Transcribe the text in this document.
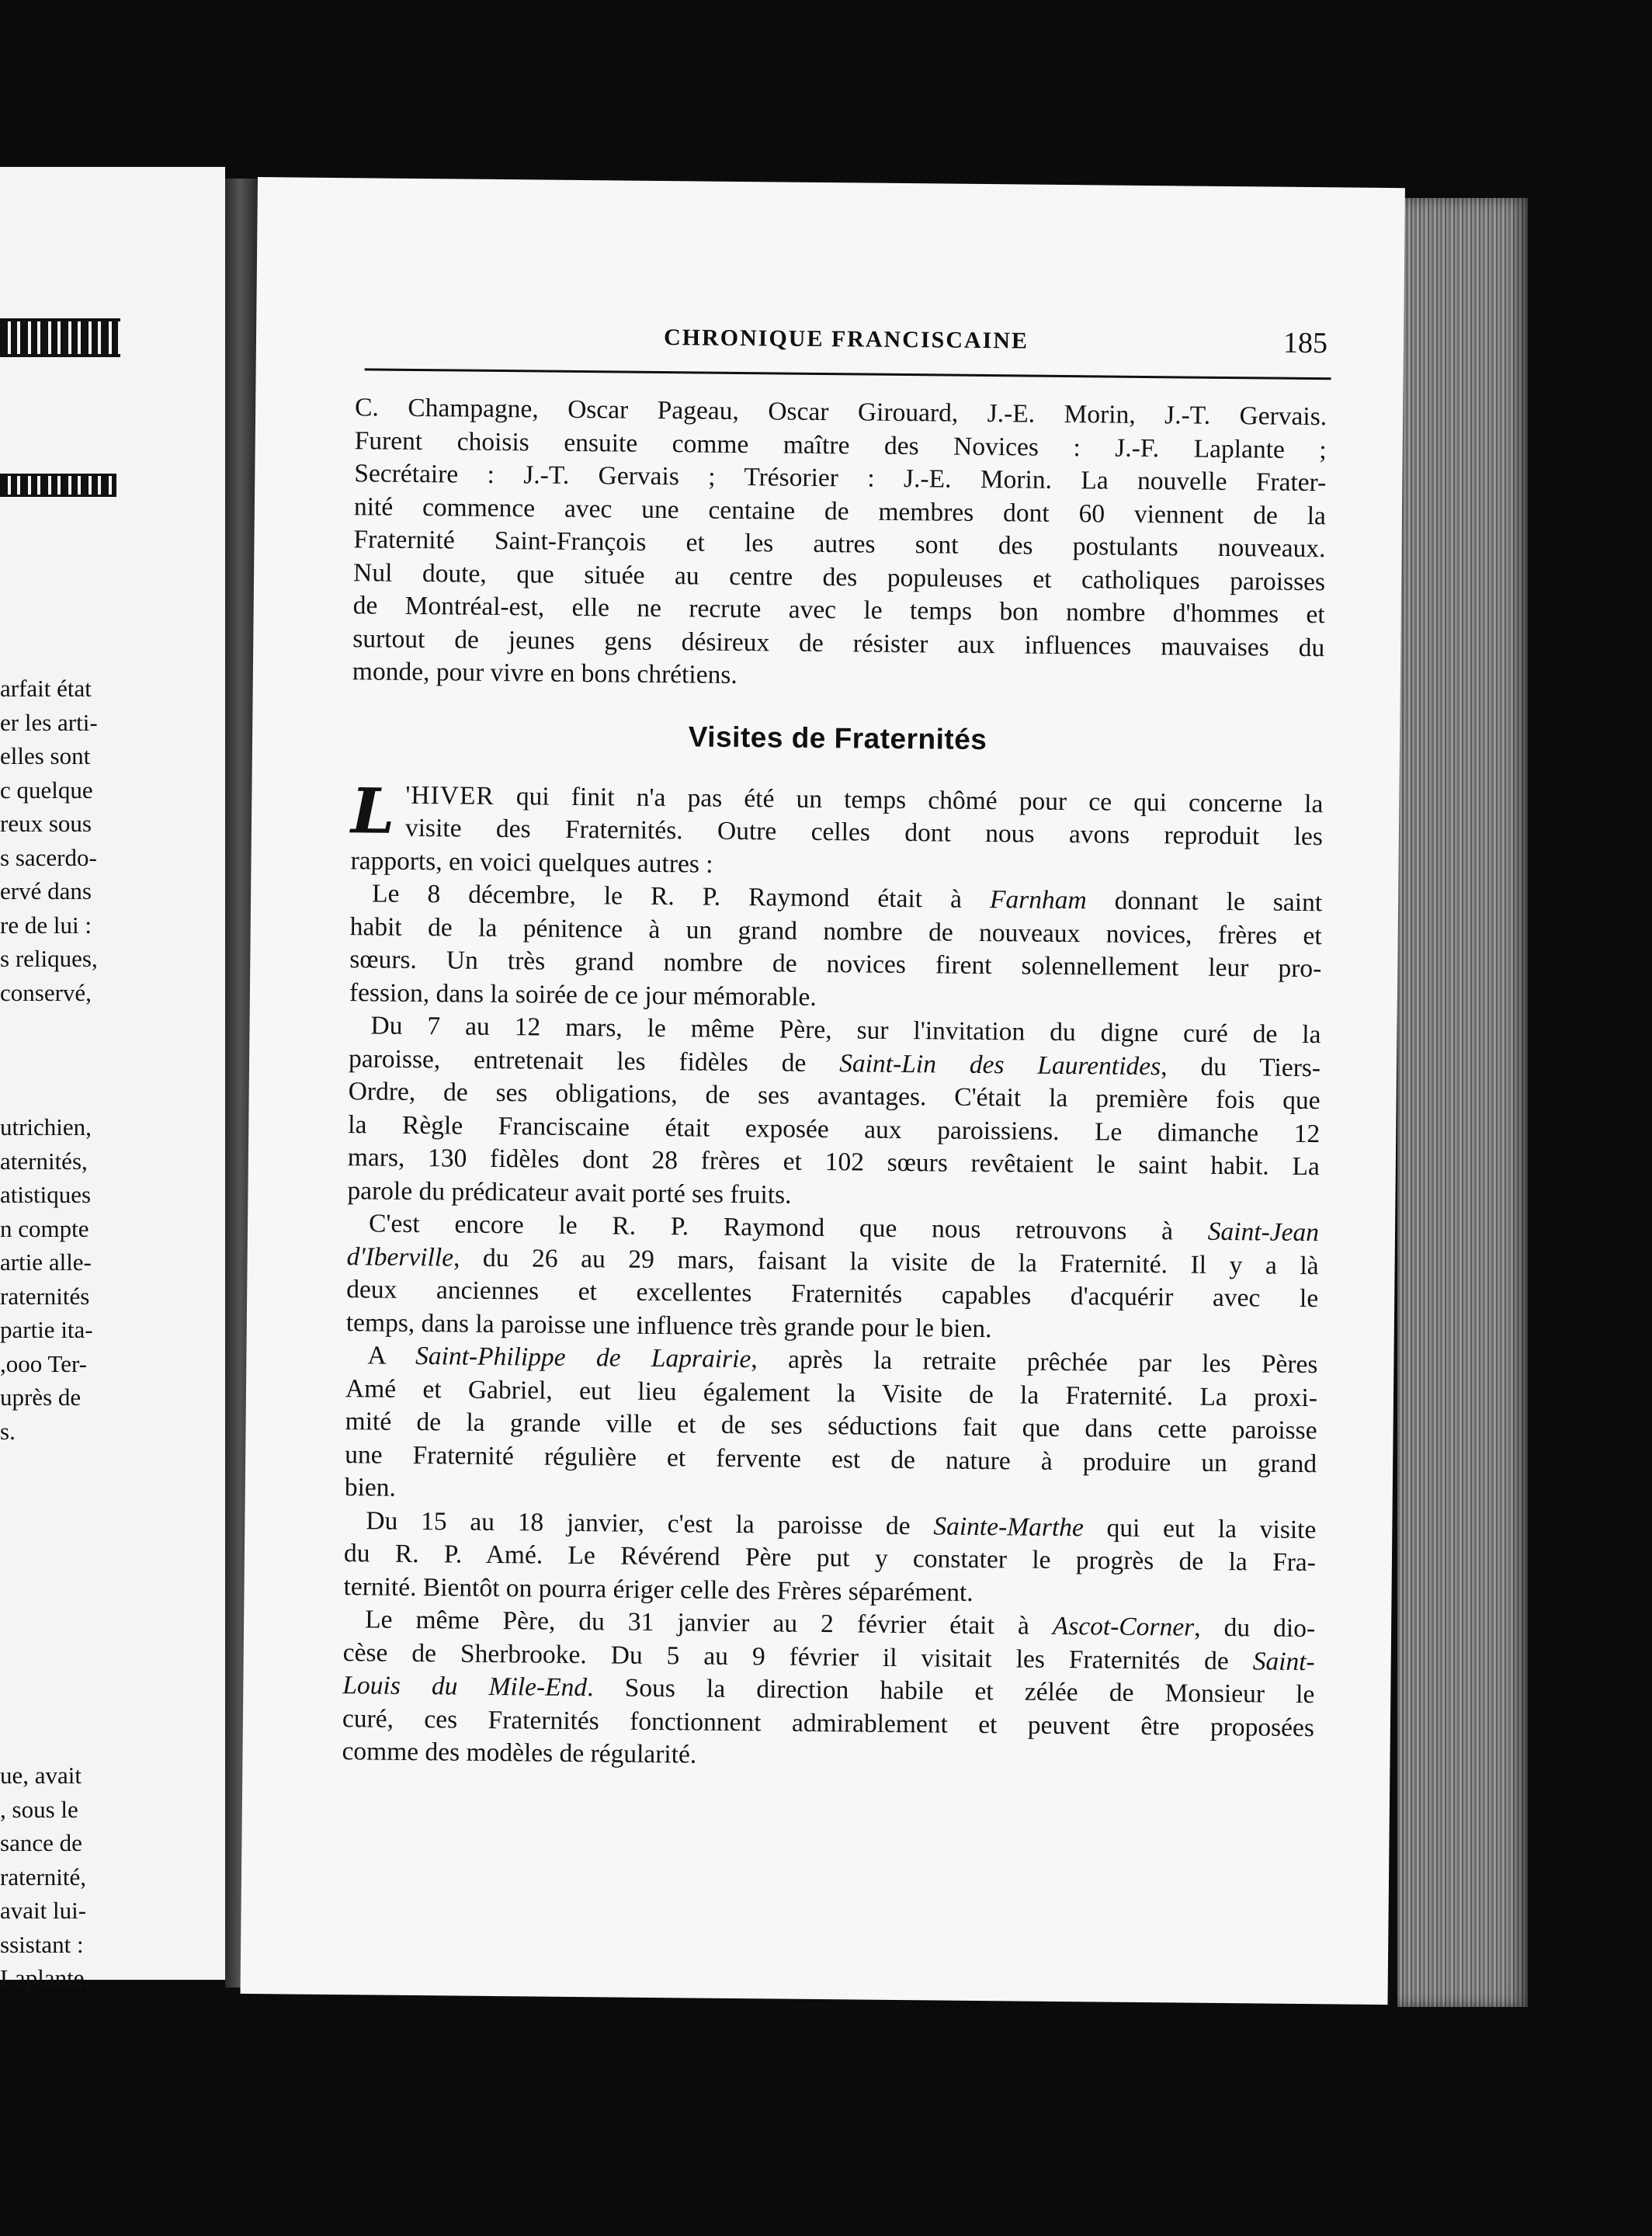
arfait état
er les arti-
elles sont
c quelque
reux sous
s sacerdo-
ervé dans
re de lui :
s reliques,
conservé,
utrichien,
aternités,
atistiques
n compte
artie alle-
raternités
partie ita-
,ooo Ter-
uprès de
s.
ue, avait
, sous le
sance de
raternité,
avait lui-
ssistant :
Laplante,
.
CHRONIQUE FRANCISCAINE	185
C. Champagne, Oscar Pageau, Oscar Girouard, J.-E. Morin, J.-T. Gervais.
Furent choisis ensuite comme maître des Novices : J.-F. Laplante ;
Secrétaire : J.-T. Gervais ; Trésorier : J.-E. Morin. La nouvelle Frater-
nité commence avec une centaine de membres dont 60 viennent de la
Fraternité Saint-François et les autres sont des postulants nouveaux.
Nul doute, que située au centre des populeuses et catholiques paroisses
de Montréal-est, elle ne recrute avec le temps bon nombre d'hommes et
surtout de jeunes gens désireux de résister aux influences mauvaises du
monde, pour vivre en bons chrétiens.
Visites de Fraternités
L 'HIVER qui finit n'a pas été un temps chômé pour ce qui concerne la
visite des Fraternités. Outre celles dont nous avons reproduit les
rapports, en voici quelques autres :
Le 8 décembre, le R. P. Raymond était à Farnham donnant le saint
habit de la pénitence à un grand nombre de nouveaux novices, frères et
sœurs. Un très grand nombre de novices firent solennellement leur pro-
fession, dans la soirée de ce jour mémorable.
Du 7 au 12 mars, le même Père, sur l'invitation du digne curé de la
paroisse, entretenait les fidèles de Saint-Lin des Laurentides, du Tiers-
Ordre, de ses obligations, de ses avantages. C'était la première fois que
la Règle Franciscaine était exposée aux paroissiens. Le dimanche 12
mars, 130 fidèles dont 28 frères et 102 sœurs revêtaient le saint habit. La
parole du prédicateur avait porté ses fruits.
C'est encore le R. P. Raymond que nous retrouvons à Saint-Jean
d'Iberville, du 26 au 29 mars, faisant la visite de la Fraternité. Il y a là
deux anciennes et excellentes Fraternités capables d'acquérir avec le
temps, dans la paroisse une influence très grande pour le bien.
A Saint-Philippe de Laprairie, après la retraite prêchée par les Pères
Amé et Gabriel, eut lieu également la Visite de la Fraternité. La proxi-
mité de la grande ville et de ses séductions fait que dans cette paroisse
une Fraternité régulière et fervente est de nature à produire un grand
bien.
Du 15 au 18 janvier, c'est la paroisse de Sainte-Marthe qui eut la visite
du R. P. Amé. Le Révérend Père put y constater le progrès de la Fra-
ternité. Bientôt on pourra ériger celle des Frères séparément.
Le même Père, du 31 janvier au 2 février était à Ascot-Corner, du dio-
cèse de Sherbrooke. Du 5 au 9 février il visitait les Fraternités de Saint-
Louis du Mile-End. Sous la direction habile et zélée de Monsieur le
curé, ces Fraternités fonctionnent admirablement et peuvent être proposées
comme des modèles de régularité.
